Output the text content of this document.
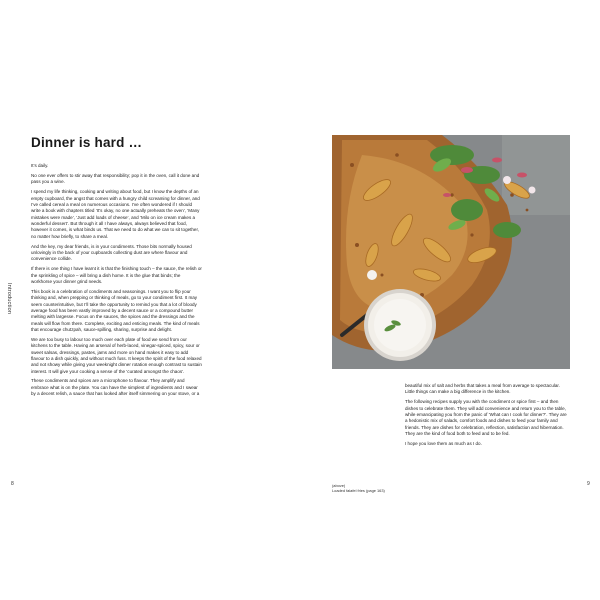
Introduction
Dinner is hard …

It’s daily.

No one ever offers to stir away that responsibility; pop it in the oven, call it done and pass you a wine.

I spend my life thinking, cooking and writing about food, but I know the depths of an empty cupboard, the angst that comes with a hungry child screaming for dinner, and I’ve called cereal a meal on numerous occasions. I’ve often wondered if I should write a book with chapters titled ‘It’s okay, no one actually preheats the oven’, ‘Many mistakes were made’, ‘Just add loads of cheese’, and ‘Milo on ice cream makes a wonderful dessert’. But through it all I have always, always believed that food, however it comes, is what binds us. That we need to do what we can to sit together, no matter how briefly, to share a meal.

And the key, my dear friends, is in your condiments. Those bits normally housed unlovingly in the back of your cupboards collecting dust are where flavour and convenience collide.

If there is one thing I have learnt it is that the finishing touch – the sauce, the relish or the sprinkling of spice – will bring a dish home. It is the glue that binds; the workhorse your dinner grind needs.

This book is a celebration of condiments and seasonings. I want you to flip your thinking and, when prepping or thinking of meals, go to your condiment first. It may seem counterintuitive, but I’ll take the opportunity to remind you that a lot of bloody average food has been vastly improved by a decent sauce or a compound butter melting with largesse. Focus on the sauces, the spices and the dressings and the meals will flow from there. Complete, exciting and enticing meals. The kind of meals that encourage chutzpah, sauce-spilling, sharing, surprise and delight.

We are too busy to labour too much over each plate of food we send from our kitchens to the table. Having an arsenal of herb-laced, vinegar-spiced, spicy, sour or sweet salsas, dressings, pastes, jams and more on hand makes it easy to add flavour to a dish quickly, and without much fuss. It keeps the spirit of the food relaxed and not showy while giving your weeknight dinner rotation enough contrast to sustain interest. It will give your cooking a sense of the ‘curated amongst the chaos’.

These condiments and spices are a microphone to flavour. They amplify and embrace what is on the plate. You can have the simplest of ingredients and I swear by a decent relish, a sauce that has looked after itself simmering on your stove, or a

8	(above)
Loaded falafel fries (page 163)

beautiful mix of salt and herbs that takes a meal from average to spectacular. Little things can make a big difference in the kitchen.

The following recipes supply you with the condiment or spice first – and then dishes to celebrate them. They will add convenience and return you to the table, while emancipating you from the panic of ‘What can I cook for dinner?’. They are a hedonistic mix of salads, comfort foods and dishes to feed your family and friends. They are dishes for celebration, reflection, satisfaction and hibernation. They are the kind of food both to feed and to be fed.

I hope you love them as much as I do.

9
